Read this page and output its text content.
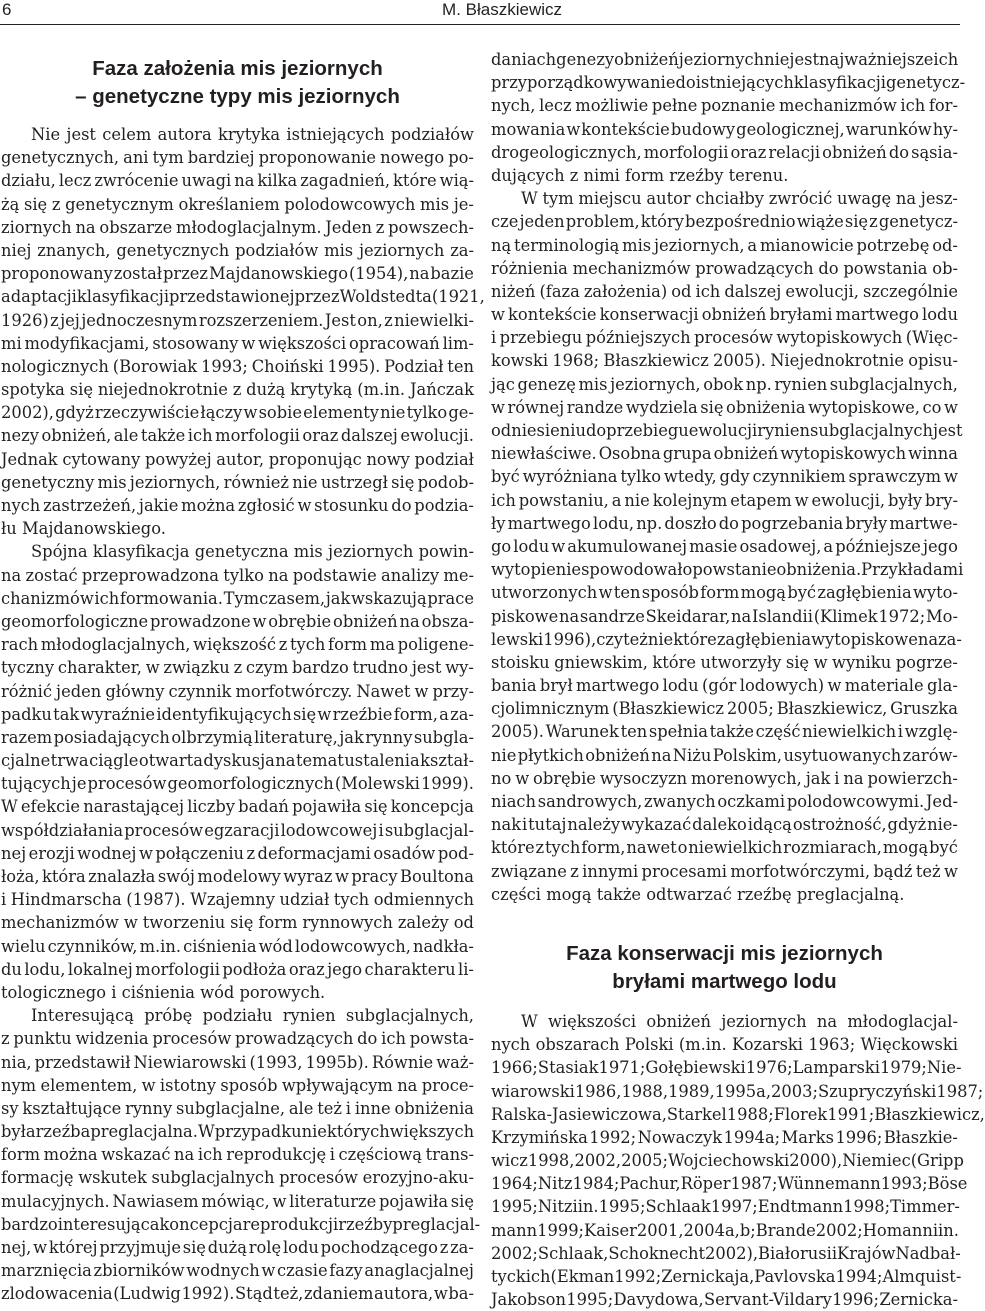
6	M. Błaszkiewicz
Faza założenia mis jeziornych
– genetyczne typy mis jeziornych
Nie jest celem autora krytyka istniejących podziałów
genetycznych, ani tym bardziej proponowanie nowego po-
działu, lecz zwrócenie uwagi na kilka zagadnień, które wią-
żą się z genetycznym określaniem polodowcowych mis je-
ziornych na obszarze młodoglacjalnym. Jeden z powszech-
niej znanych, genetycznych podziałów mis jeziornych za-
proponowany został przez Majdanowskiego (1954), na bazie
adaptacji klasyfikacji przedstawionej przez Woldstedta (1921,
1926) z jej jednoczesnym rozszerzeniem. Jest on, z niewielki-
mi modyfikacjami, stosowany w większości opracowań lim-
nologicznych (Borowiak 1993; Choiński 1995). Podział ten
spotyka się niejednokrotnie z dużą krytyką (m.in. Jańczak
2002), gdyż rzeczywiście łączy w sobie elementy nie tylko ge-
nezy obniżeń, ale także ich morfologii oraz dalszej ewolucji.
Jednak cytowany powyżej autor, proponując nowy podział
genetyczny mis jeziornych, również nie ustrzegł się podob-
nych zastrzeżeń, jakie można zgłosić w stosunku do podzia-
łu Majdanowskiego.
Spójna klasyfikacja genetyczna mis jeziornych powin-
na zostać przeprowadzona tylko na podstawie analizy me-
chanizmów ich formowania. Tymczasem, jak wskazują prace
geomorfologiczne prowadzone w obrębie obniżeń na obsza-
rach młodoglacjalnych, większość z tych form ma poligene-
tyczny charakter, w związku z czym bardzo trudno jest wy-
różnić jeden główny czynnik morfotwórczy. Nawet w przy-
padku tak wyraźnie identyfikujących się w rzeźbie form, a za-
razem posiadających olbrzymią literaturę, jak rynny subgla-
cjalne trwa ciągle otwarta dyskusja na temat ustalenia kształ-
tujących je procesów geomorfologicznych (Molewski 1999).
W efekcie narastającej liczby badań pojawiła się koncepcja
współdziałania procesów egzaracji lodowcowej i subglacjal-
nej erozji wodnej w połączeniu z deformacjami osadów pod-
łoża, która znalazła swój modelowy wyraz w pracy Boultona
i Hindmarscha (1987). Wzajemny udział tych odmiennych
mechanizmów w tworzeniu się form rynnowych zależy od
wielu czynników, m.in. ciśnienia wód lodowcowych, nadkła-
du lodu, lokalnej morfologii podłoża oraz jego charakteru li-
tologicznego i ciśnienia wód porowych.
Interesującą próbę podziału rynien subglacjalnych,
z punktu widzenia procesów prowadzących do ich powsta-
nia, przedstawił Niewiarowski (1993, 1995b). Równie waż-
nym elementem, w istotny sposób wpływającym na proce-
sy kształtujące rynny subglacjalne, ale też i inne obniżenia
była rzeźba preglacjalna. W przypadku niektórych większych
form można wskazać na ich reprodukcję i częściową trans-
formację wskutek subglacjalnych procesów erozyjno-aku-
mulacyjnych. Nawiasem mówiąc, w literaturze pojawiła się
bardzo interesująca koncepcja reprodukcji rzeźby preglacjal-
nej, w której przyjmuje się dużą rolę lodu pochodzącego z za-
marznięcia zbiorników wodnych w czasie fazy anaglacjalnej
zlodowacenia (Ludwig 1992). Stąd też, zdaniem autora, w ba-
daniach genezy obniżeń jeziornych nie jest najważniejsze ich
przyporządkowywanie do istniejących klasyfikacji genetycz-
nych, lecz możliwie pełne poznanie mechanizmów ich for-
mowania w kontekście budowy geologicznej, warunków hy-
drogeologicznych, morfologii oraz relacji obniżeń do sąsia-
dujących z nimi form rzeźby terenu.
W tym miejscu autor chciałby zwrócić uwagę na jesz-
cze jeden problem, który bezpośrednio wiąże się z genetycz-
ną terminologią mis jeziornych, a mianowicie potrzebę od-
różnienia mechanizmów prowadzących do powstania ob-
niżeń (faza założenia) od ich dalszej ewolucji, szczególnie
w kontekście konserwacji obniżeń bryłami martwego lodu
i przebiegu późniejszych procesów wytopiskowych (Więc-
kowski 1968; Błaszkiewicz 2005). Niejednokrotnie opisu-
jąc genezę mis jeziornych, obok np. rynien subglacjalnych,
w równej randze wydziela się obniżenia wytopiskowe, co w
odniesieniu do przebiegu ewolucji rynien subglacjalnych jest
niewłaściwe. Osobna grupa obniżeń wytopiskowych winna
być wyróżniana tylko wtedy, gdy czynnikiem sprawczym w
ich powstaniu, a nie kolejnym etapem w ewolucji, były bry-
ły martwego lodu, np. doszło do pogrzebania bryły martwe-
go lodu w akumulowanej masie osadowej, a późniejsze jego
wytopienie spowodowało powstanie obniżenia. Przykładami
utworzonych w ten sposób form mogą być zagłębienia wyto-
piskowe na sandrze Skeidarar, na Islandii (Klimek 1972; Mo-
lewski 1996), czy też niektóre zagłębienia wytopiskowe na za-
stoisku gniewskim, które utworzyły się w wyniku pogrze-
bania brył martwego lodu (gór lodowych) w materiale gla-
cjolimnicznym (Błaszkiewicz 2005; Błaszkiewicz, Gruszka
2005). Warunek ten spełnia także część niewielkich i wzglę-
nie płytkich obniżeń na Niżu Polskim, usytuowanych zarów-
no w obrębie wysoczyzn morenowych, jak i na powierzch-
niach sandrowych, zwanych oczkami polodowcowymi. Jed-
nak i tutaj należy wykazać daleko idącą ostrożność, gdyż nie-
które z tych form, nawet o niewielkich rozmiarach, mogą być
związane z innymi procesami morfotwórczymi, bądź też w
części mogą także odtwarzać rzeźbę preglacjalną.
Faza konserwacji mis jeziornych
bryłami martwego lodu
W większości obniżeń jeziornych na młodoglacjal-
nych obszarach Polski (m.in. Kozarski 1963; Więckowski
1966; Stasiak 1971; Gołębiewski 1976; Lamparski 1979; Nie-
wiarowski 1986, 1988, 1989, 1995a, 2003; Szupryczyński 1987;
Ralska-Jasiewiczowa, Starkel 1988; Florek 1991; Błaszkiewicz,
Krzymińska 1992; Nowaczyk 1994a; Marks 1996; Błaszkie-
wicz 1998, 2002, 2005; Wojciechowski 2000), Niemiec (Gripp
1964; Nitz 1984; Pachur, Röper 1987; Wünnemann 1993; Böse
1995; Nitz i in. 1995; Schlaak 1997; Endtmann 1998; Timmer-
mann 1999; Kaiser 2001, 2004a, b; Brande 2002; Homann i in.
2002; Schlaak, Schoknecht 2002), Białorusi i Krajów Nadbał-
tyckich (Ekman 1992; Zernickaja, Pavlovska 1994; Almquist-
Jakobson 1995; Davydowa, Servant-Vildary 1996; Zernicka-
